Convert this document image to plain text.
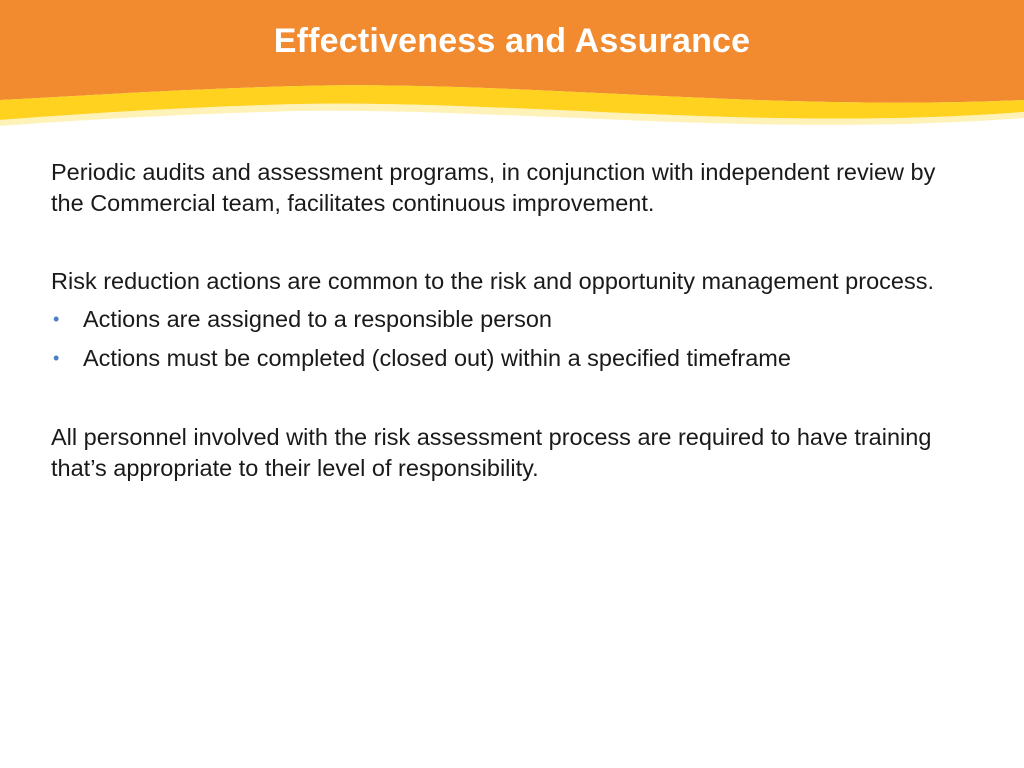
Effectiveness and Assurance

Periodic audits and assessment programs, in conjunction with independent review by the Commercial team, facilitates continuous improvement.

Risk reduction actions are common to the risk and opportunity management process.

• Actions are assigned to a responsible person
• Actions must be completed (closed out) within a specified timeframe

All personnel involved with the risk assessment process are required to have training that’s appropriate to their level of responsibility.
